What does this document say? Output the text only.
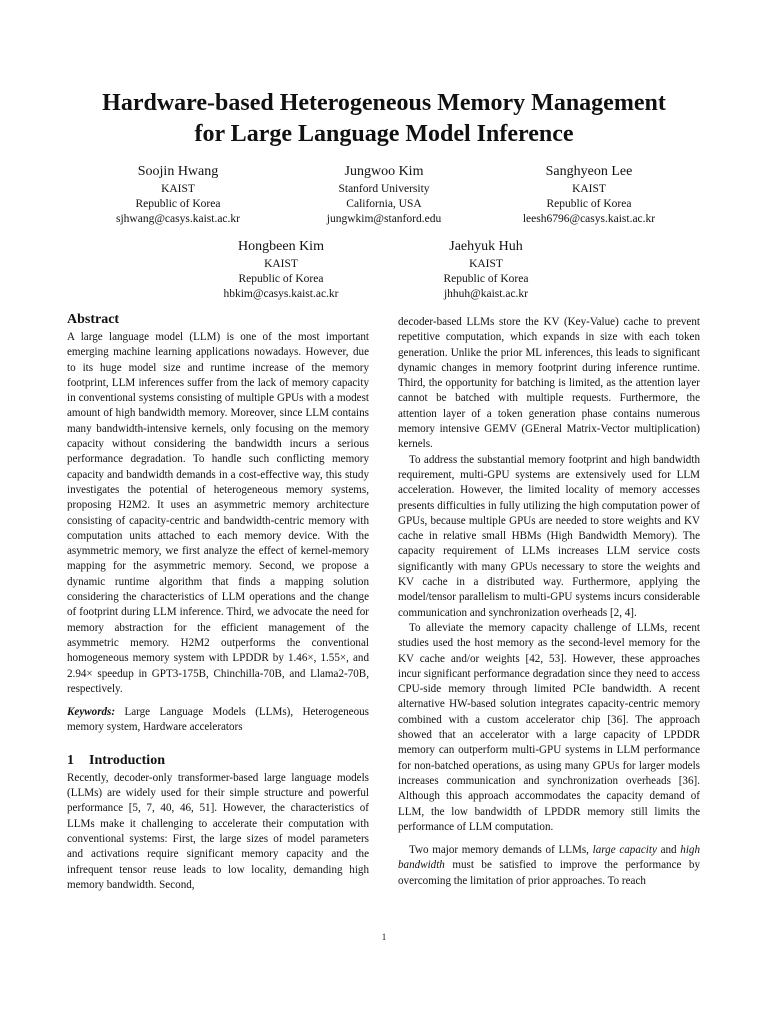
Hardware-based Heterogeneous Memory Management
for Large Language Model Inference
Soojin Hwang
KAIST
Republic of Korea
sjhwang@casys.kaist.ac.kr
Jungwoo Kim
Stanford University
California, USA
jungwkim@stanford.edu
Sanghyeon Lee
KAIST
Republic of Korea
leesh6796@casys.kaist.ac.kr
Hongbeen Kim
KAIST
Republic of Korea
hbkim@casys.kaist.ac.kr
Jaehyuk Huh
KAIST
Republic of Korea
jhhuh@kaist.ac.kr
Abstract

A large language model (LLM) is one of the most important emerging machine learning applications nowadays. However, due to its huge model size and runtime increase of the memory footprint, LLM inferences suffer from the lack of memory capacity in conventional systems consisting of multiple GPUs with a modest amount of high bandwidth memory. Moreover, since LLM contains many bandwidth-intensive kernels, only focusing on the memory capacity without considering the bandwidth incurs a serious performance degradation. To handle such conflicting memory capacity and bandwidth demands in a cost-effective way, this study investigates the potential of heterogeneous memory systems, proposing H2M2. It uses an asymmetric memory architecture consisting of capacity-centric and bandwidth-centric memory with computation units attached to each memory device. With the asymmetric memory, we first analyze the effect of kernel-memory mapping for the asymmetric memory. Second, we propose a dynamic runtime algorithm that finds a mapping solution considering the characteristics of LLM operations and the change of footprint during LLM inference. Third, we advocate the need for memory abstraction for the efficient management of the asymmetric memory. H2M2 outperforms the conventional homogeneous memory system with LPDDR by 1.46×, 1.55×, and 2.94× speedup in GPT3-175B, Chinchilla-70B, and Llama2-70B, respectively.

Keywords: Large Language Models (LLMs), Heterogeneous memory system, Hardware accelerators

1 Introduction

Recently, decoder-only transformer-based large language models (LLMs) are widely used for their simple structure and powerful performance [5, 7, 40, 46, 51]. However, the characteristics of LLMs make it challenging to accelerate their computation with conventional systems: First, the large sizes of model parameters and activations require significant memory capacity and the infrequent tensor reuse leads to low locality, demanding high memory bandwidth. Second,

decoder-based LLMs store the KV (Key-Value) cache to prevent repetitive computation, which expands in size with each token generation. Unlike the prior ML inferences, this leads to significant dynamic changes in memory footprint during inference runtime. Third, the opportunity for batching is limited, as the attention layer cannot be batched with multiple requests. Furthermore, the attention layer of a token generation phase contains numerous memory intensive GEMV (GEneral Matrix-Vector multiplication) kernels.

To address the substantial memory footprint and high bandwidth requirement, multi-GPU systems are extensively used for LLM acceleration. However, the limited locality of memory accesses presents difficulties in fully utilizing the high computation power of GPUs, because multiple GPUs are needed to store weights and KV cache in relative small HBMs (High Bandwidth Memory). The capacity requirement of LLMs increases LLM service costs significantly with many GPUs necessary to store the weights and KV cache in a distributed way. Furthermore, applying the model/tensor parallelism to multi-GPU systems incurs considerable communication and synchronization overheads [2, 4].

To alleviate the memory capacity challenge of LLMs, recent studies used the host memory as the second-level memory for the KV cache and/or weights [42, 53]. However, these approaches incur significant performance degradation since they need to access CPU-side memory through limited PCIe bandwidth. A recent alternative HW-based solution integrates capacity-centric memory combined with a custom accelerator chip [36]. The approach showed that an accelerator with a large capacity of LPDDR memory can outperform multi-GPU systems in LLM performance for non-batched operations, as using many GPUs for larger models increases communication and synchronization overheads [36]. Although this approach accommodates the capacity demand of LLM, the low bandwidth of LPDDR memory still limits the performance of LLM computation.

Two major memory demands of LLMs, large capacity and high bandwidth must be satisfied to improve the performance by overcoming the limitation of prior approaches. To reach

1
